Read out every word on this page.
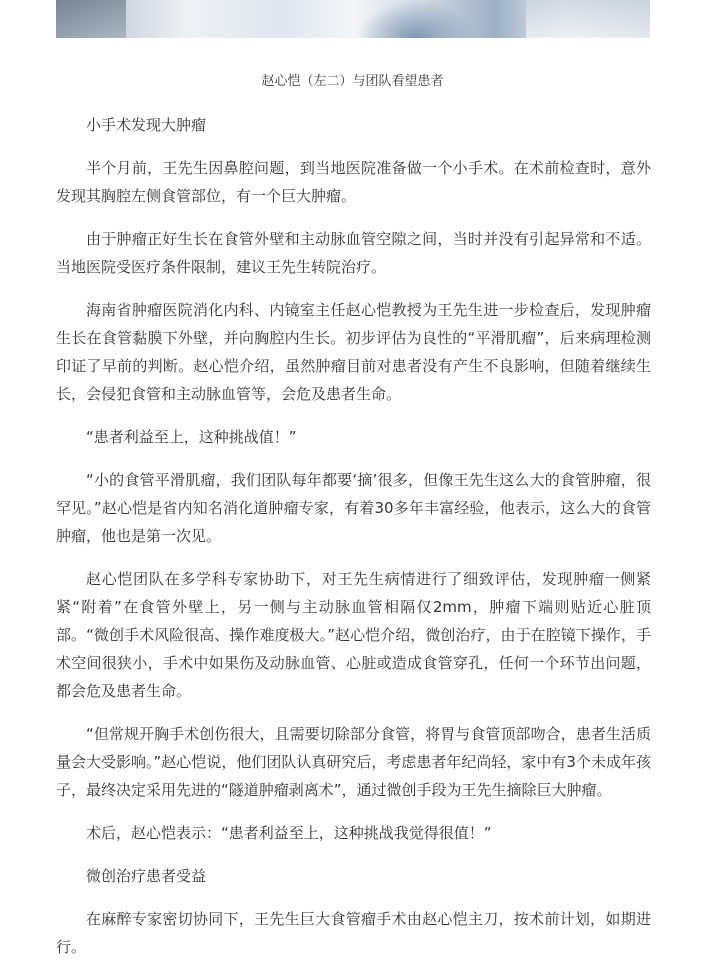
赵心恺（左二）与团队看望患者

小手术发现大肿瘤

半个月前，王先生因鼻腔问题，到当地医院准备做一个小手术。在术前检查时，意外发现其胸腔左侧食管部位，有一个巨大肿瘤。

由于肿瘤正好生长在食管外壁和主动脉血管空隙之间，当时并没有引起异常和不适。当地医院受医疗条件限制，建议王先生转院治疗。

海南省肿瘤医院消化内科、内镜室主任赵心恺教授为王先生进一步检查后，发现肿瘤生长在食管黏膜下外壁，并向胸腔内生长。初步评估为良性的“平滑肌瘤”，后来病理检测印证了早前的判断。赵心恺介绍，虽然肿瘤目前对患者没有产生不良影响，但随着继续生长，会侵犯食管和主动脉血管等，会危及患者生命。

“患者利益至上，这种挑战值！”

“小的食管平滑肌瘤，我们团队每年都要‘摘’很多，但像王先生这么大的食管肿瘤，很罕见。”赵心恺是省内知名消化道肿瘤专家，有着30多年丰富经验，他表示，这么大的食管肿瘤，他也是第一次见。

赵心恺团队在多学科专家协助下，对王先生病情进行了细致评估，发现肿瘤一侧紧紧“附着”在食管外壁上，另一侧与主动脉血管相隔仅2mm，肿瘤下端则贴近心脏顶部。“微创手术风险很高、操作难度极大。”赵心恺介绍，微创治疗，由于在腔镜下操作，手术空间很狭小，手术中如果伤及动脉血管、心脏或造成食管穿孔，任何一个环节出问题，都会危及患者生命。

“但常规开胸手术创伤很大，且需要切除部分食管，将胃与食管顶部吻合，患者生活质量会大受影响。”赵心恺说，他们团队认真研究后，考虑患者年纪尚轻，家中有3个未成年孩子，最终决定采用先进的“隧道肿瘤剥离术”，通过微创手段为王先生摘除巨大肿瘤。

术后，赵心恺表示：“患者利益至上，这种挑战我觉得很值！”

微创治疗患者受益

在麻醉专家密切协同下，王先生巨大食管瘤手术由赵心恺主刀，按术前计划，如期进行。
